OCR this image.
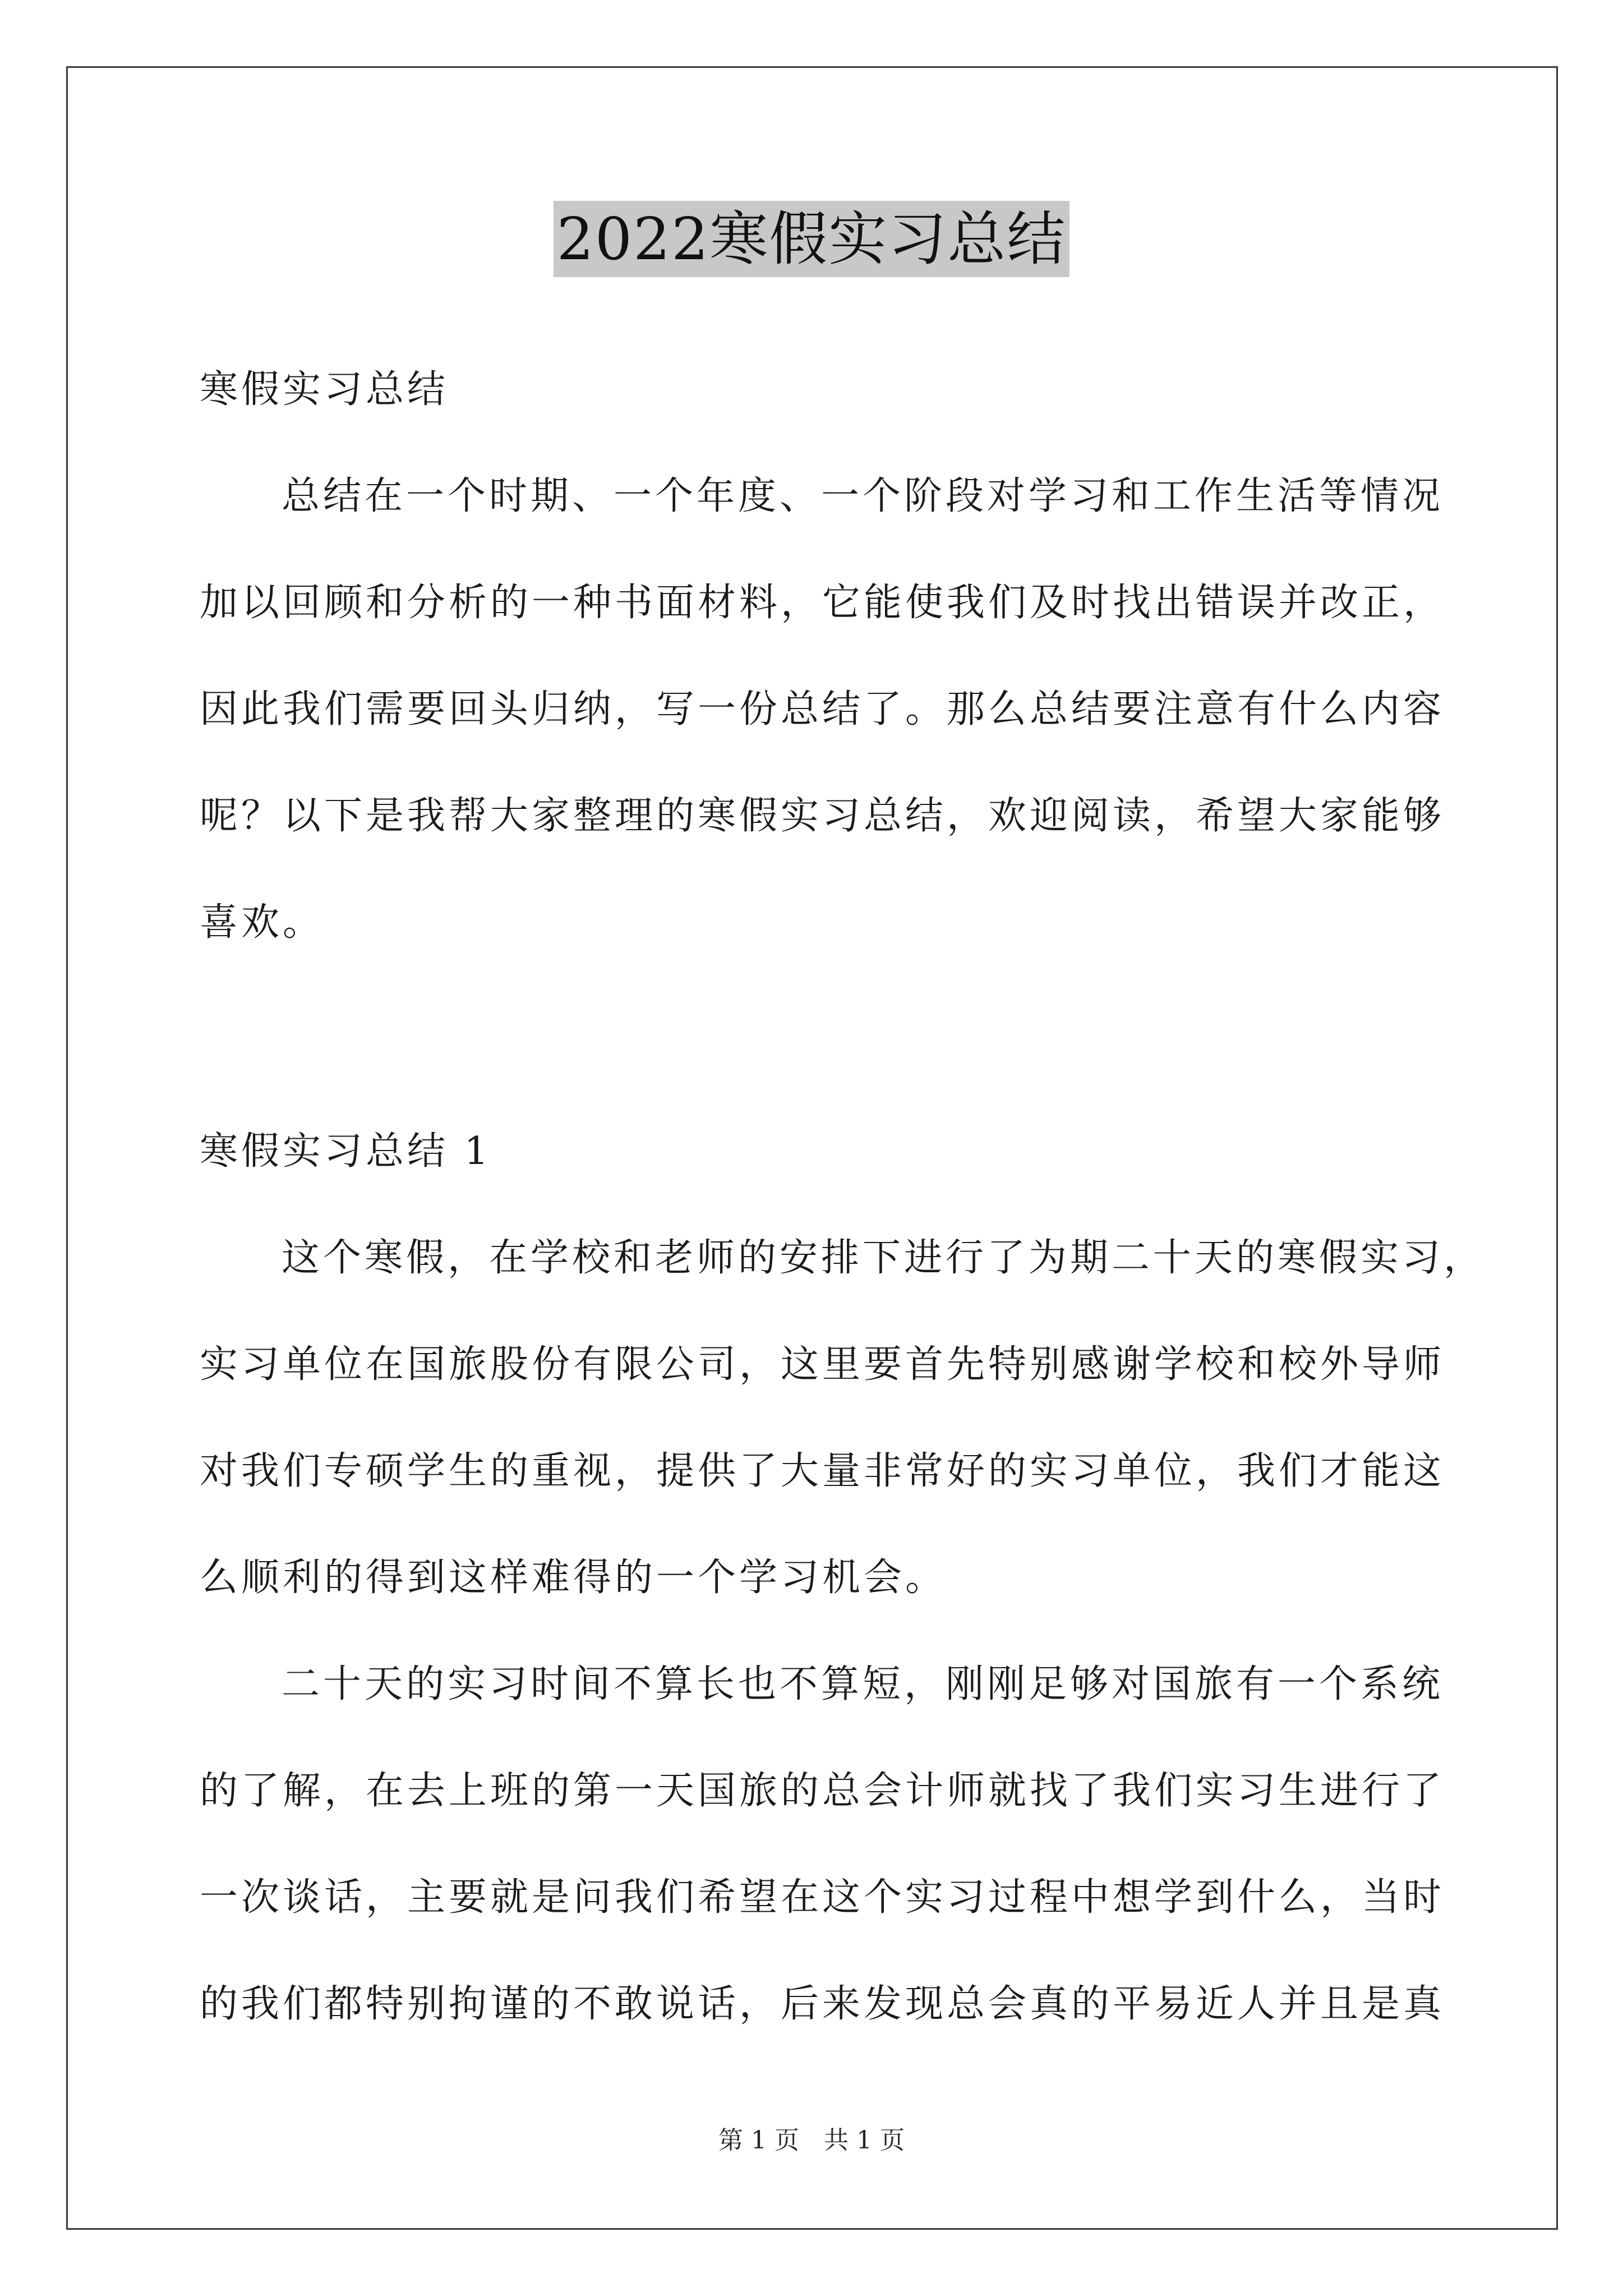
2022寒假实习总结
寒假实习总结
总结在一个时期、一个年度、一个阶段对学习和工作生活等情况
加以回顾和分析的一种书面材料，它能使我们及时找出错误并改正，
因此我们需要回头归纳，写一份总结了。那么总结要注意有什么内容
呢？以下是我帮大家整理的寒假实习总结，欢迎阅读，希望大家能够
喜欢。
寒假实习总结 1
这个寒假，在学校和老师的安排下进行了为期二十天的寒假实习，
实习单位在国旅股份有限公司，这里要首先特别感谢学校和校外导师
对我们专硕学生的重视，提供了大量非常好的实习单位，我们才能这
么顺利的得到这样难得的一个学习机会。
二十天的实习时间不算长也不算短，刚刚足够对国旅有一个系统
的了解，在去上班的第一天国旅的总会计师就找了我们实习生进行了
一次谈话，主要就是问我们希望在这个实习过程中想学到什么，当时
的我们都特别拘谨的不敢说话，后来发现总会真的平易近人并且是真
第 1 页 共 1 页
